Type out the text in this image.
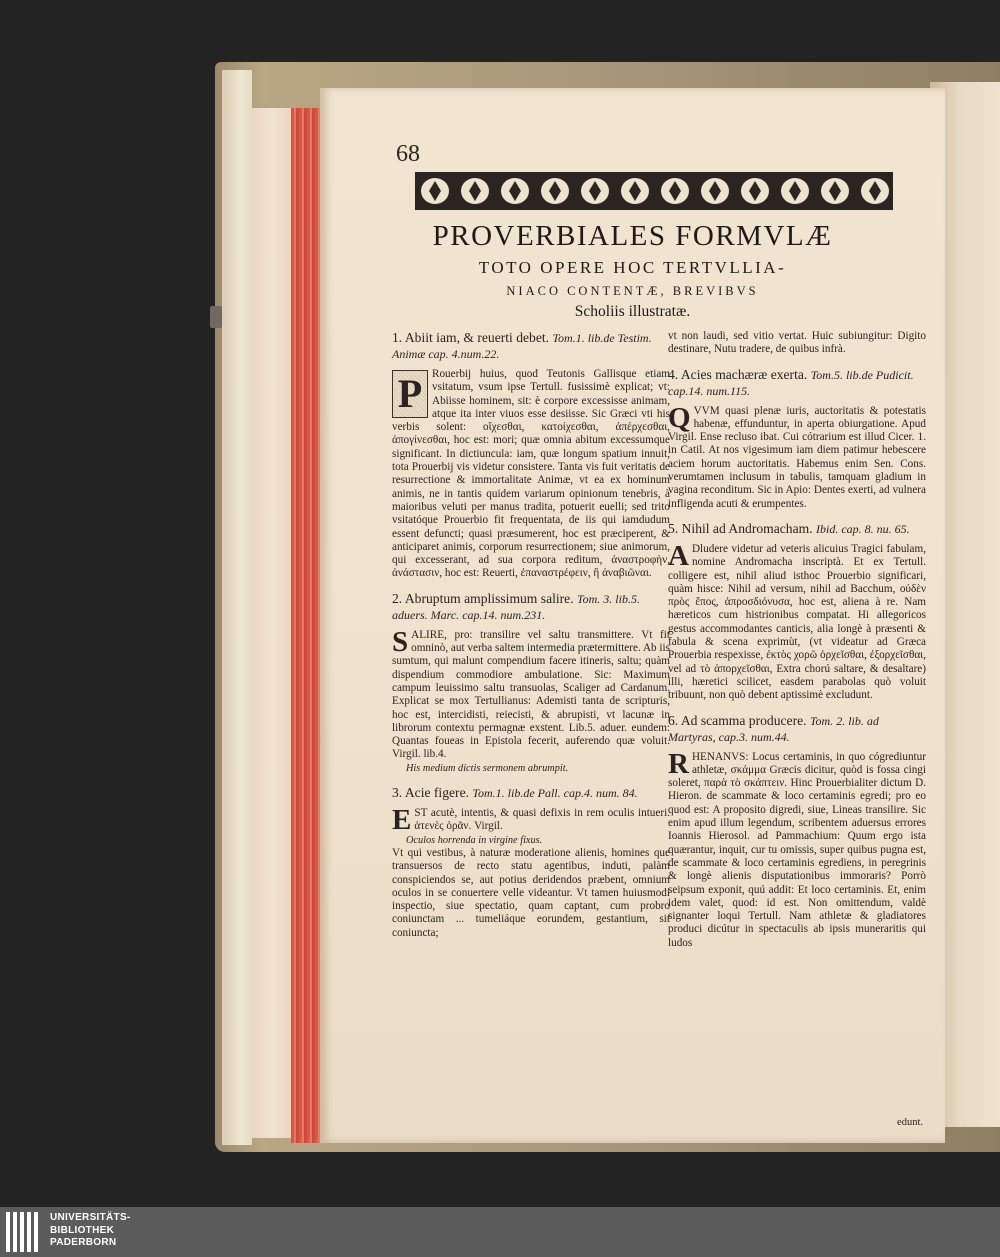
68
PROVERBIALES FORMVLÆ
TOTO OPERE HOC TERTVLLIA-
NIACO CONTENTÆ, BREVIBVS
Scholiis illustratæ.
1. Abiit iam, & reuerti debet. Tom.1. lib.de Testim. Animæ cap. 4.num.22.
P Rouerbij huius, quod Teutonis Gallisque etiam vsitatum, vsum ipse Tertull. fusissimè explicat; vt: Abiisse hominem, sit: è corpore excessisse animam, atque ita inter viuos esse desiisse. Sic Græci vti his verbis solent: οἴχεσθαι, κατοίχεσθαι, ἀπέρχεσθαι, ἀπογίνεσθαι, hoc est: mori; quæ omnia abitum excessumque significant. In dictiuncula: iam, quæ longum spatium innuit, tota Prouerbij vis videtur consistere. Tanta vis fuit veritatis de resurrectione & immortalitate Animæ, vt ea ex hominum animis, ne in tantis quidem variarum opinionum tenebris, à maioribus veluti per manus tradita, potuerit euelli; sed trito vsitatóque Prouerbio fit frequentata, de iis qui iamdudum essent defuncti; quasi præsumerent, hoc est præciperent, & anticiparet animis, corporum resurrectionem; siue animorum, qui excesserant, ad sua corpora reditum, ἀναστροφὴν, ἀνάστασιν, hoc est: Reuerti, ἐπαναστρέφειν, ἢ ἀναβιῶναι.
2. Abruptum amplissimum salire. Tom. 3. lib.5. aduers. Marc. cap.14. num.231.
S ALIRE, pro: transilire vel saltu transmittere. Vt fit omninò, aut verba saltem intermedia prætermittere. Ab iis sumtum, qui malunt compendium facere itineris, saltu; quàm dispendium commodiore ambulatione. Sic: Maximum campum leuissimo saltu transuolas, Scaliger ad Cardanum. Explicat se mox Tertullianus: Ademisti tanta de scripturis, hoc est, intercidisti, reiecisti, & abrupisti, vt lacunæ in librorum contextu permagnæ exstent. Lib.5. aduer. eundem: Quantas foueas in Epistola fecerit, auferendo quæ voluit. Virgil. lib.4.
His medium dictis sermonem abrumpit.
3. Acie figere. Tom.1. lib.de Pall. cap.4. num. 84.
E ST acutè, intentis, & quasi defixis in rem oculis intueri. ἀτενὲς ὁρᾶν. Virgil.
Oculos horrenda in virgine fixus.
Vt qui vestibus, à naturæ moderatione alienis, homines que transuersos de recto statu agentibus, induti, palàm conspiciendos se, aut potius deridendos præbent, omnium oculos in se conuertere velle videantur. Vt tamen huiusmodi inspectio, siue spectatio, quam captant, cum probro coniunctam ... tumeliáque eorundem, gestantium, sit coniuncta;
vt non laudi, sed vitio vertat. Huic subiungitur: Digito destinare, Nutu tradere, de quibus infrà.
4. Acies machæræ exerta. Tom.5. lib.de Pudicit. cap.14. num.115.
Q VVM quasi plenæ iuris, auctoritatis & potestatis habenæ, effunduntur, in aperta obiurgatione. Apud Virgil. Ense recluso ibat. Cui cótrarium est illud Cicer. 1. in Catil. At nos vigesimum iam diem patimur hebescere aciem horum auctoritatis. Habemus enim Sen. Cons. verumtamen inclusum in tabulis, tamquam gladium in vagina reconditum. Sic in Apio: Dentes exerti, ad vulnera infligenda acuti & erumpentes.
5. Nihil ad Andromacham. Ibid. cap. 8. nu. 65.
A Dludere videtur ad veteris alicuius Tragici fabulam, nomine Andromacha inscriptà. Et ex Tertull. colligere est, nihil aliud isthoc Prouerbio significari, quàm hisce: Nihil ad versum, nihil ad Bacchum, οὐδὲν πρὸς ἔπος, ἀπροσδιόνυσα, hoc est, aliena à re. Nam hæreticos cum histrionibus compatat. Hi allegoricos gestus accommodantes canticis, alia longè à præsenti & fabula & scena exprimùt, (vt videatur ad Græca Prouerbia respexisse, ἐκτὸς χορῶ ὀρχεῖσθαι, ἐξορχεῖσθαι, vel ad τὸ ἀπορχεῖσθαι, Extra chorú saltare, & desaltare) illi, hæretici scilicet, easdem parabolas quò voluit tribuunt, non quò debent aptissimè excludunt.
6. Ad scamma producere. Tom. 2. lib. ad Martyras, cap.3. num.44.
R HENANVS: Locus certaminis, in quo cógrediuntur athletæ, σκάμμα Græcis dicitur, quòd is fossa cingi soleret, παρὰ τὸ σκάπτειν. Hinc Prouerbialiter dictum D. Hieron. de scammate & loco certaminis egredi; pro eo quod est: A proposito digredi, siue, Lineas transilire. Sic enim apud illum legendum, scribentem aduersus errores Ioannis Hierosol. ad Pammachium: Quum ergo ista quærantur, inquit, cur tu omissis, super quibus pugna est, de scammate & loco certaminis egrediens, in peregrinis & longè alienis disputationibus immoraris? Porrò seipsum exponit, quú addit: Et loco certaminis. Et, enim idem valet, quod: id est. Non omittendum, valdè signanter loqui Tertull. Nam athletæ & gladiatores produci dicútur in spectaculis ab ipsis muneraritis qui ludos
edunt.
UNIVERSITÄTS-
BIBLIOTHEK
PADERBORN
